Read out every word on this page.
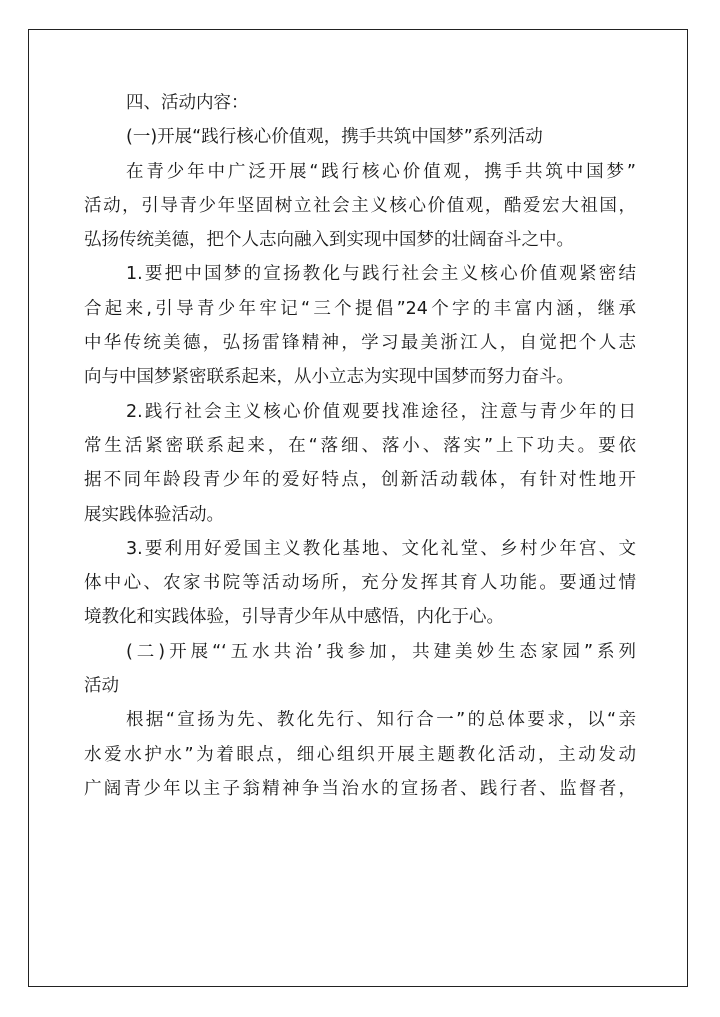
四、活动内容：
(一)开展“践行核心价值观，携手共筑中国梦”系列活动
在青少年中广泛开展“践行核心价值观，携手共筑中国梦”
活动，引导青少年坚固树立社会主义核心价值观，酷爱宏大祖国，
弘扬传统美德，把个人志向融入到实现中国梦的壮阔奋斗之中。
1.要把中国梦的宣扬教化与践行社会主义核心价值观紧密结
合起来,引导青少年牢记“三个提倡”24个字的丰富内涵，继承
中华传统美德，弘扬雷锋精神，学习最美浙江人，自觉把个人志
向与中国梦紧密联系起来，从小立志为实现中国梦而努力奋斗。
2.践行社会主义核心价值观要找准途径，注意与青少年的日
常生活紧密联系起来，在“落细、落小、落实”上下功夫。要依
据不同年龄段青少年的爱好特点，创新活动载体，有针对性地开
展实践体验活动。
3.要利用好爱国主义教化基地、文化礼堂、乡村少年宫、文
体中心、农家书院等活动场所，充分发挥其育人功能。要通过情
境教化和实践体验，引导青少年从中感悟，内化于心。
(二)开展“‘五水共治’我参加，共建美妙生态家园”系列
活动
根据“宣扬为先、教化先行、知行合一”的总体要求，以“亲
水爱水护水”为着眼点，细心组织开展主题教化活动，主动发动
广阔青少年以主子翁精神争当治水的宣扬者、践行者、监督者，
